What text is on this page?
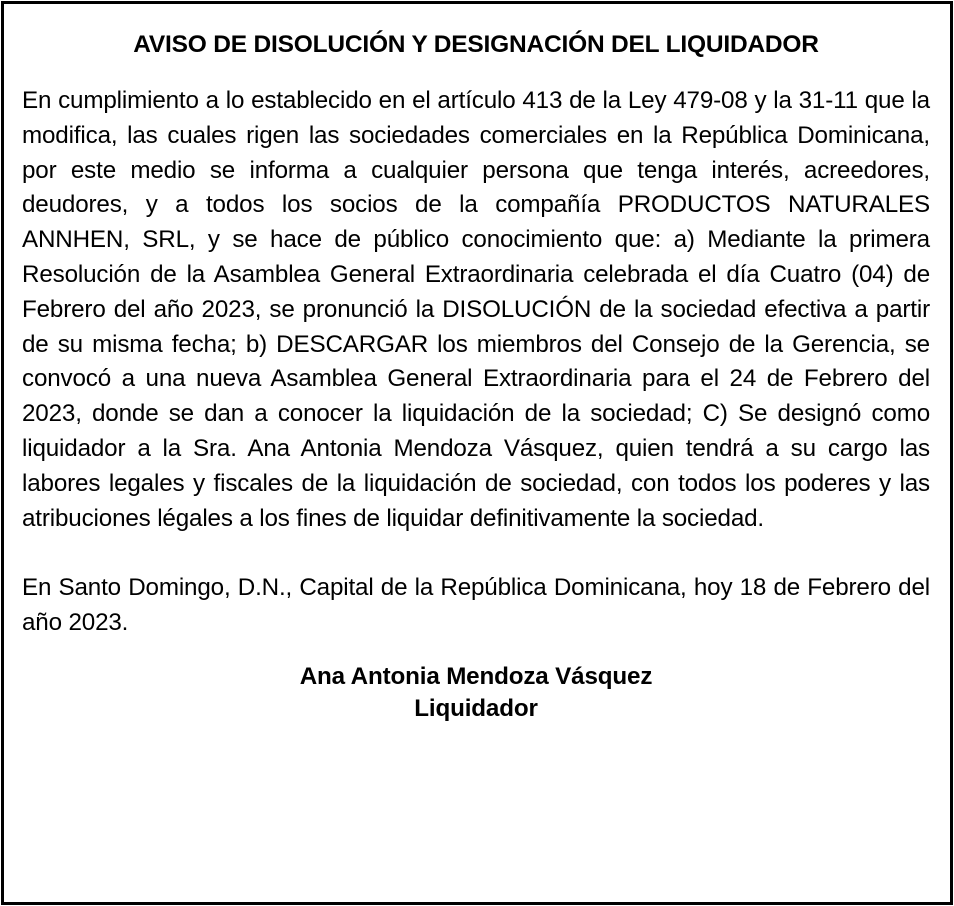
AVISO DE DISOLUCIÓN Y DESIGNACIÓN DEL LIQUIDADOR

En cumplimiento a lo establecido en el artículo 413 de la Ley 479-08 y la 31-11 que la modifica, las cuales rigen las sociedades comerciales en la República Dominicana, por este medio se informa a cualquier persona que tenga interés, acreedores, deudores, y a todos los socios de la compañía PRODUCTOS NATURALES ANNHEN, SRL, y se hace de público conocimiento que: a) Mediante la primera Resolución de la Asamblea General Extraordinaria celebrada el día Cuatro (04) de Febrero del año 2023, se pronunció la DISOLUCIÓN de la sociedad efectiva a partir de su misma fecha; b) DESCARGAR los miembros del Consejo de la Gerencia, se convocó a una nueva Asamblea General Extraordinaria para el 24 de Febrero del 2023, donde se dan a conocer la liquidación de la sociedad; C) Se designó como liquidador a la Sra. Ana Antonia Mendoza Vásquez, quien tendrá a su cargo las labores legales y fiscales de la liquidación de sociedad, con todos los poderes y las atribuciones légales a los fines de liquidar definitivamente la sociedad.

En Santo Domingo, D.N., Capital de la República Dominicana, hoy 18 de Febrero del año 2023.

Ana Antonia Mendoza Vásquez
Liquidador
